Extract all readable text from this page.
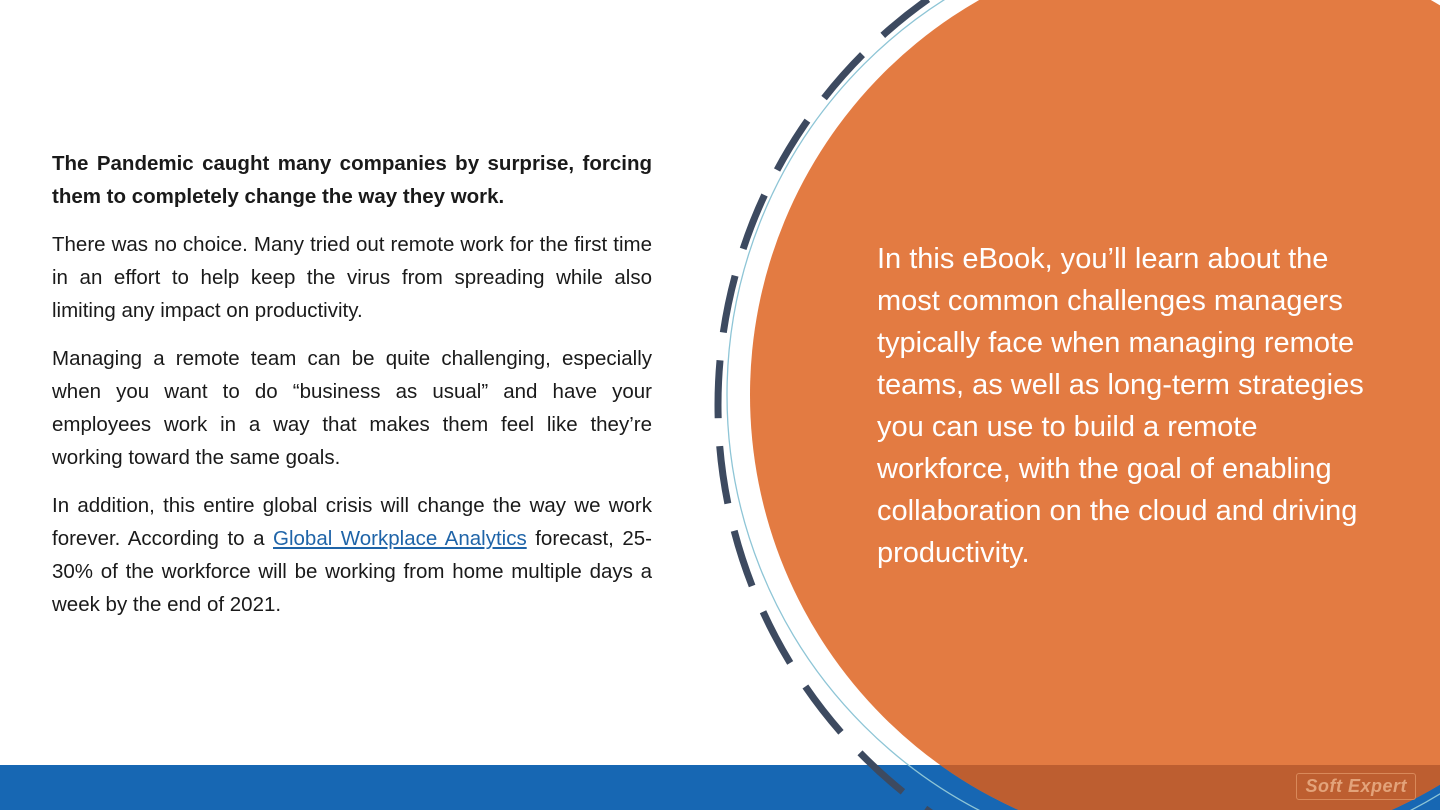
The Pandemic caught many companies by surprise, forcing them to completely change the way they work.

There was no choice. Many tried out remote work for the first time in an effort to help keep the virus from spreading while also limiting any impact on productivity.

Managing a remote team can be quite challenging, especially when you want to do “business as usual” and have your employees work in a way that makes them feel like they’re working toward the same goals.

In addition, this entire global crisis will change the way we work forever. According to a Global Workplace Analytics forecast, 25-30% of the workforce will be working from home multiple days a week by the end of 2021.

In this eBook, you’ll learn about the most common challenges managers typically face when managing remote teams, as well as long-term strategies you can use to build a remote workforce, with the goal of enabling collaboration on the cloud and driving productivity.
Soft Expert
